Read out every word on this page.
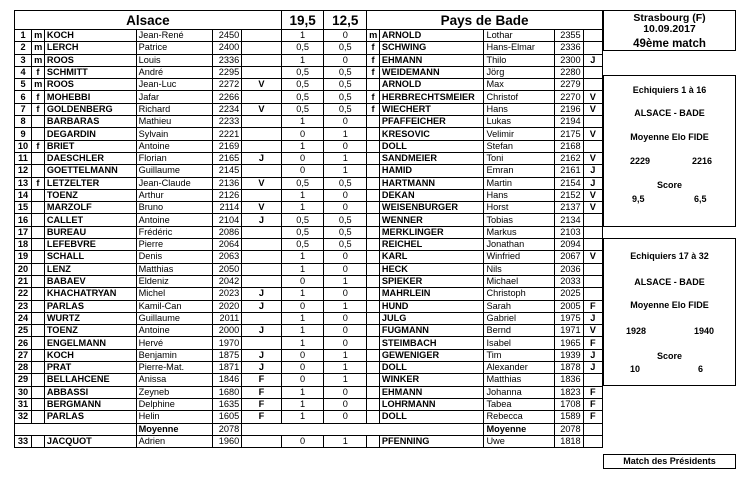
Alsace						19,5	12,5	Pays de Bade				
1	m	KOCH	Jean-René	2450		1	0	m	ARNOLD	Lothar	2355	
2	m	LERCH	Patrice	2400		0,5	0,5	f	SCHWING	Hans-Elmar	2336	
3	m	ROOS	Louis	2336		1	0	f	EHMANN	Thilo	2300	J
4	f	SCHMITT	André	2295		0,5	0,5	f	WEIDEMANN	Jörg	2280	
5	m	ROOS	Jean-Luc	2272	V	0,5	0,5		ARNOLD	Max	2279	
6	f	MOHEBBI	Jafar	2266		0,5	0,5	f	HERBRECHTSMEIER	Christof	2270	V
7	f	GOLDENBERG	Richard	2234	V	0,5	0,5	f	WIECHERT	Hans	2196	V
8		BARBARAS	Mathieu	2233		1	0		PFAFFEICHER	Lukas	2194	
9		DEGARDIN	Sylvain	2221		0	1		KRESOVIC	Velimir	2175	V
10	f	BRIET	Antoine	2169		1	0		DOLL	Stefan	2168	
11		DAESCHLER	Florian	2165	J	0	1		SANDMEIER	Toni	2162	V
12		GOETTELMANN	Guillaume	2145		0	1		HAMID	Emran	2161	J
13	f	LETZELTER	Jean-Claude	2136	V	0,5	0,5		HARTMANN	Martin	2154	J
14		TOENZ	Arthur	2126		1	0		DEKAN	Hans	2152	V
15		MARZOLF	Bruno	2114	V	1	0		WEISENBURGER	Horst	2137	V
16		CALLET	Antoine	2104	J	0,5	0,5		WENNER	Tobias	2134	
17		BUREAU	Frédéric	2086		0,5	0,5		MERKLINGER	Markus	2103	
18		LEFEBVRE	Pierre	2064		0,5	0,5		REICHEL	Jonathan	2094	
19		SCHALL	Denis	2063		1	0		KARL	Winfried	2067	V
20		LENZ	Matthias	2050		1	0		HECK	Nils	2036	
21		BABAEV	Eldeniz	2042		0	1		SPIEKER	Michael	2033	
22		KHACHATRYAN	Michel	2023	J	1	0		MAHRLEIN	Christoph	2025	
23		PARLAS	Kamil-Can	2020	J	0	1		HUND	Sarah	2005	F
24		WURTZ	Guillaume	2011		1	0		JULG	Gabriel	1975	J
25		TOENZ	Antoine	2000	J	1	0		FUGMANN	Bernd	1971	V
26		ENGELMANN	Hervé	1970		1	0		STEIMBACH	Isabel	1965	F
27		KOCH	Benjamin	1875	J	0	1		GEWENIGER	Tim	1939	J
28		PRAT	Pierre-Mat.	1871	J	0	1		DOLL	Alexander	1878	J
29		BELLAHCENE	Anissa	1846	F	0	1		WINKER	Matthias	1836	
30		ABBASSI	Zeyneb	1680	F	1	0		EHMANN	Johanna	1823	F
31		BERGMANN	Delphine	1635	F	1	0		LOHRMANN	Tabea	1708	F
32		PARLAS	Helin	1605	F	1	0		DOLL	Rebecca	1589	F
			Moyenne	2078						Moyenne	2078	
33		JACQUOT	Adrien	1960		0	1		PFENNING	Uwe	1818	
Strasbourg (F)
10.09.2017
49ème match
Echiquiers 1 à 16
ALSACE - BADE
Moyenne Elo FIDE
2229	2216
Score
9,5	6,5
Echiquiers 17 à 32
ALSACE - BADE
Moyenne Elo FIDE
1928	1940
Score
10	6
Match des Présidents
